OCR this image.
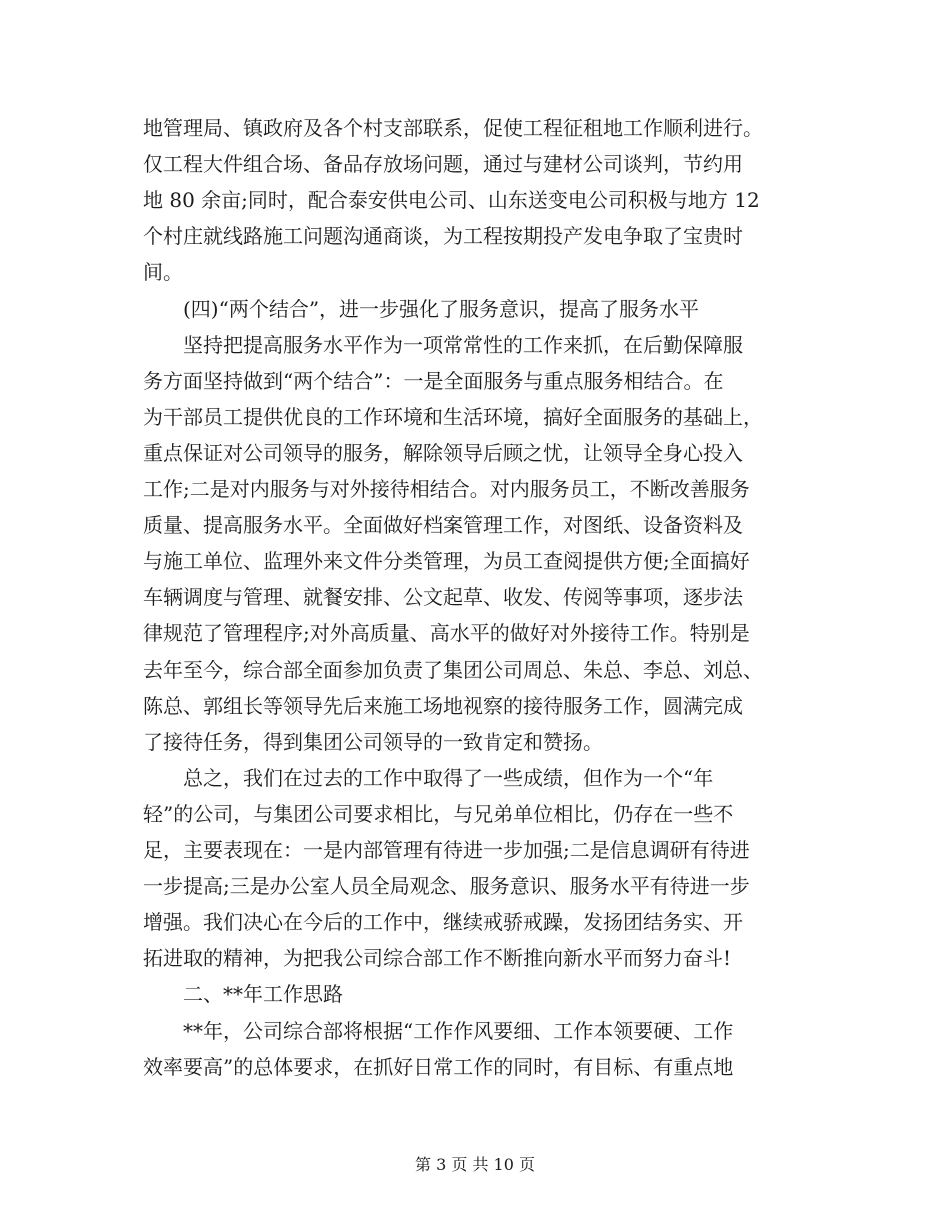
地管理局、镇政府及各个村支部联系，促使工程征租地工作顺利进行。
仅工程大件组合场、备品存放场问题，通过与建材公司谈判，节约用
地 80 余亩;同时，配合泰安供电公司、山东送变电公司积极与地方 12
个村庄就线路施工问题沟通商谈，为工程按期投产发电争取了宝贵时
间。
　　(四)“两个结合”，进一步强化了服务意识，提高了服务水平
　　坚持把提高服务水平作为一项常常性的工作来抓，在后勤保障服
务方面坚持做到“两个结合”：一是全面服务与重点服务相结合。在
为干部员工提供优良的工作环境和生活环境，搞好全面服务的基础上，
重点保证对公司领导的服务，解除领导后顾之忧，让领导全身心投入
工作;二是对内服务与对外接待相结合。对内服务员工，不断改善服务
质量、提高服务水平。全面做好档案管理工作，对图纸、设备资料及
与施工单位、监理外来文件分类管理，为员工查阅提供方便;全面搞好
车辆调度与管理、就餐安排、公文起草、收发、传阅等事项，逐步法
律规范了管理程序;对外高质量、高水平的做好对外接待工作。特别是
去年至今，综合部全面参加负责了集团公司周总、朱总、李总、刘总、
陈总、郭组长等领导先后来施工场地视察的接待服务工作，圆满完成
了接待任务，得到集团公司领导的一致肯定和赞扬。
　　总之，我们在过去的工作中取得了一些成绩，但作为一个“年
轻”的公司，与集团公司要求相比，与兄弟单位相比，仍存在一些不
足，主要表现在：一是内部管理有待进一步加强;二是信息调研有待进
一步提高;三是办公室人员全局观念、服务意识、服务水平有待进一步
增强。我们决心在今后的工作中，继续戒骄戒躁，发扬团结务实、开
拓进取的精神，为把我公司综合部工作不断推向新水平而努力奋斗!
　　二、**年工作思路
　　**年，公司综合部将根据“工作作风要细、工作本领要硬、工作
效率要高”的总体要求，在抓好日常工作的同时，有目标、有重点地
第 3 页 共 10 页
